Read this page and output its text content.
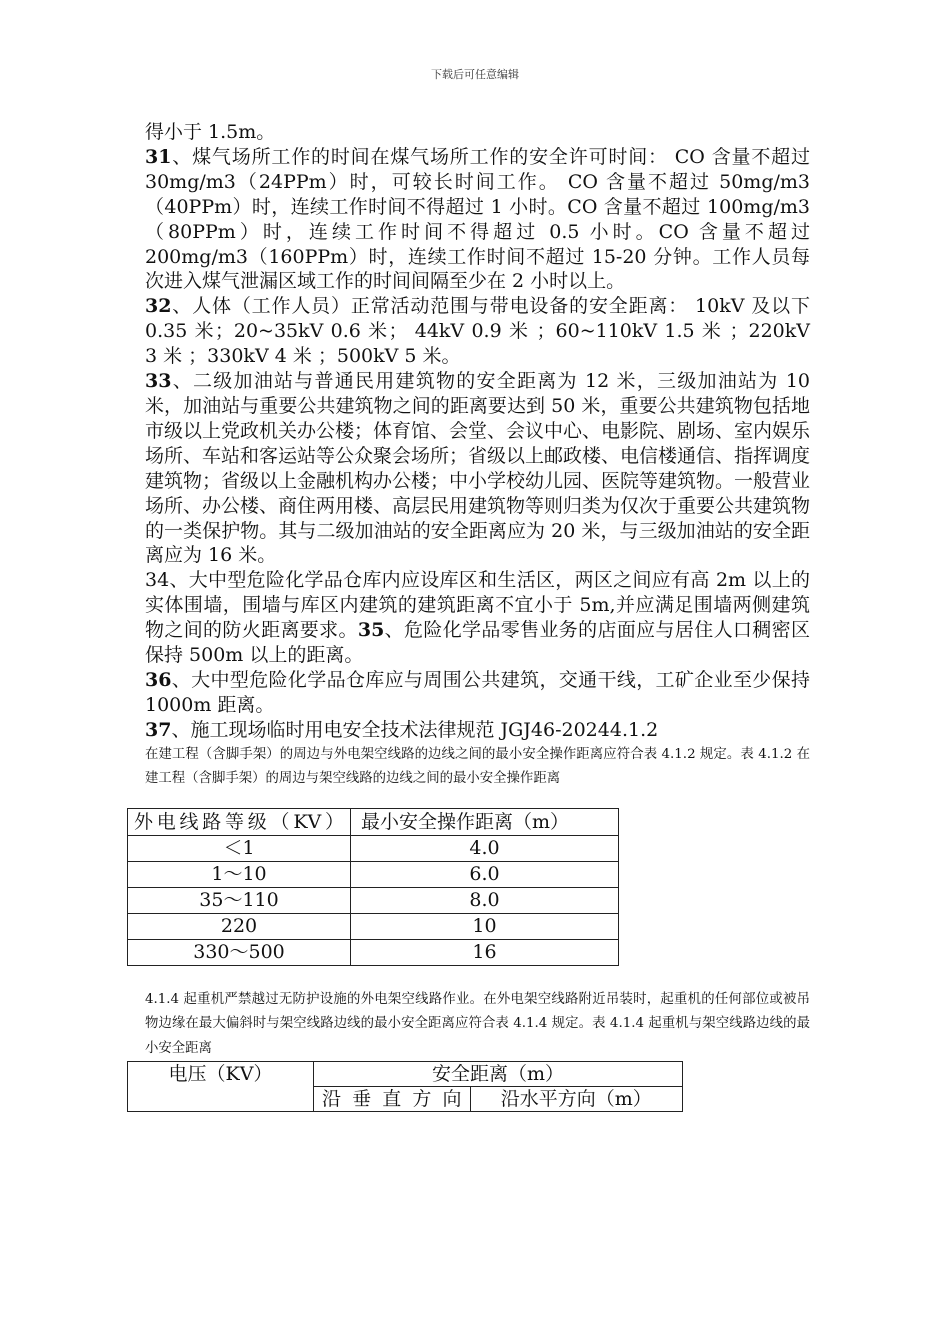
下载后可任意编辑

得小于 1.5m。

31、煤气场所工作的时间在煤气场所工作的安全许可时间： CO 含量不超过 30mg/m3（24PPm）时，可较长时间工作。 CO 含量不超过 50mg/m3（40PPm）时，连续工作时间不得超过 1 小时。CO 含量不超过 100mg/m3（80PPm）时，连续工作时间不得超过 0.5 小时。CO 含量不超过 200mg/m3（160PPm）时，连续工作时间不超过 15-20 分钟。工作人员每次进入煤气泄漏区域工作的时间间隔至少在 2 小时以上。

32、人体（工作人员）正常活动范围与带电设备的安全距离： 10kV 及以下 0.35 米；20~35kV 0.6 米； 44kV 0.9 米 ；60~110kV 1.5 米 ；220kV 3 米 ；330kV 4 米 ；500kV 5 米。

33、二级加油站与普通民用建筑物的安全距离为 12 米，三级加油站为 10 米，加油站与重要公共建筑物之间的距离要达到 50 米，重要公共建筑物包括地市级以上党政机关办公楼；体育馆、会堂、会议中心、电影院、剧场、室内娱乐场所、车站和客运站等公众聚会场所；省级以上邮政楼、电信楼通信、指挥调度建筑物；省级以上金融机构办公楼；中小学校幼儿园、医院等建筑物。一般营业场所、办公楼、商住两用楼、高层民用建筑物等则归类为仅次于重要公共建筑物的一类保护物。其与二级加油站的安全距离应为 20 米，与三级加油站的安全距离应为 16 米。

34、大中型危险化学品仓库内应设库区和生活区，两区之间应有高 2m 以上的实体围墙，围墙与库区内建筑的建筑距离不宜小于 5m,并应满足围墙两侧建筑物之间的防火距离要求。35、危险化学品零售业务的店面应与居住人口稠密区保持 500m 以上的距离。

36、大中型危险化学品仓库应与周围公共建筑，交通干线，工矿企业至少保持 1000m 距离。

37、施工现场临时用电安全技术法律规范 JGJ46-20244.1.2

在建工程（含脚手架）的周边与外电架空线路的边线之间的最小安全操作距离应符合表 4.1.2 规定。表 4.1.2 在建工程（含脚手架）的周边与架空线路的边线之间的最小安全操作距离

外电线路等级（KV）	最小安全操作距离（m）
＜1	4.0
1～10	6.0
35～110	8.0
220	10
330～500	16

4.1.4 起重机严禁越过无防护设施的外电架空线路作业。在外电架空线路附近吊装时，起重机的任何部位或被吊物边缘在最大偏斜时与架空线路边线的最小安全距离应符合表 4.1.4 规定。表 4.1.4 起重机与架空线路边线的最小安全距离

电压（KV）	安全距离（m）	
	沿垂直方向	沿水平方向（m）
